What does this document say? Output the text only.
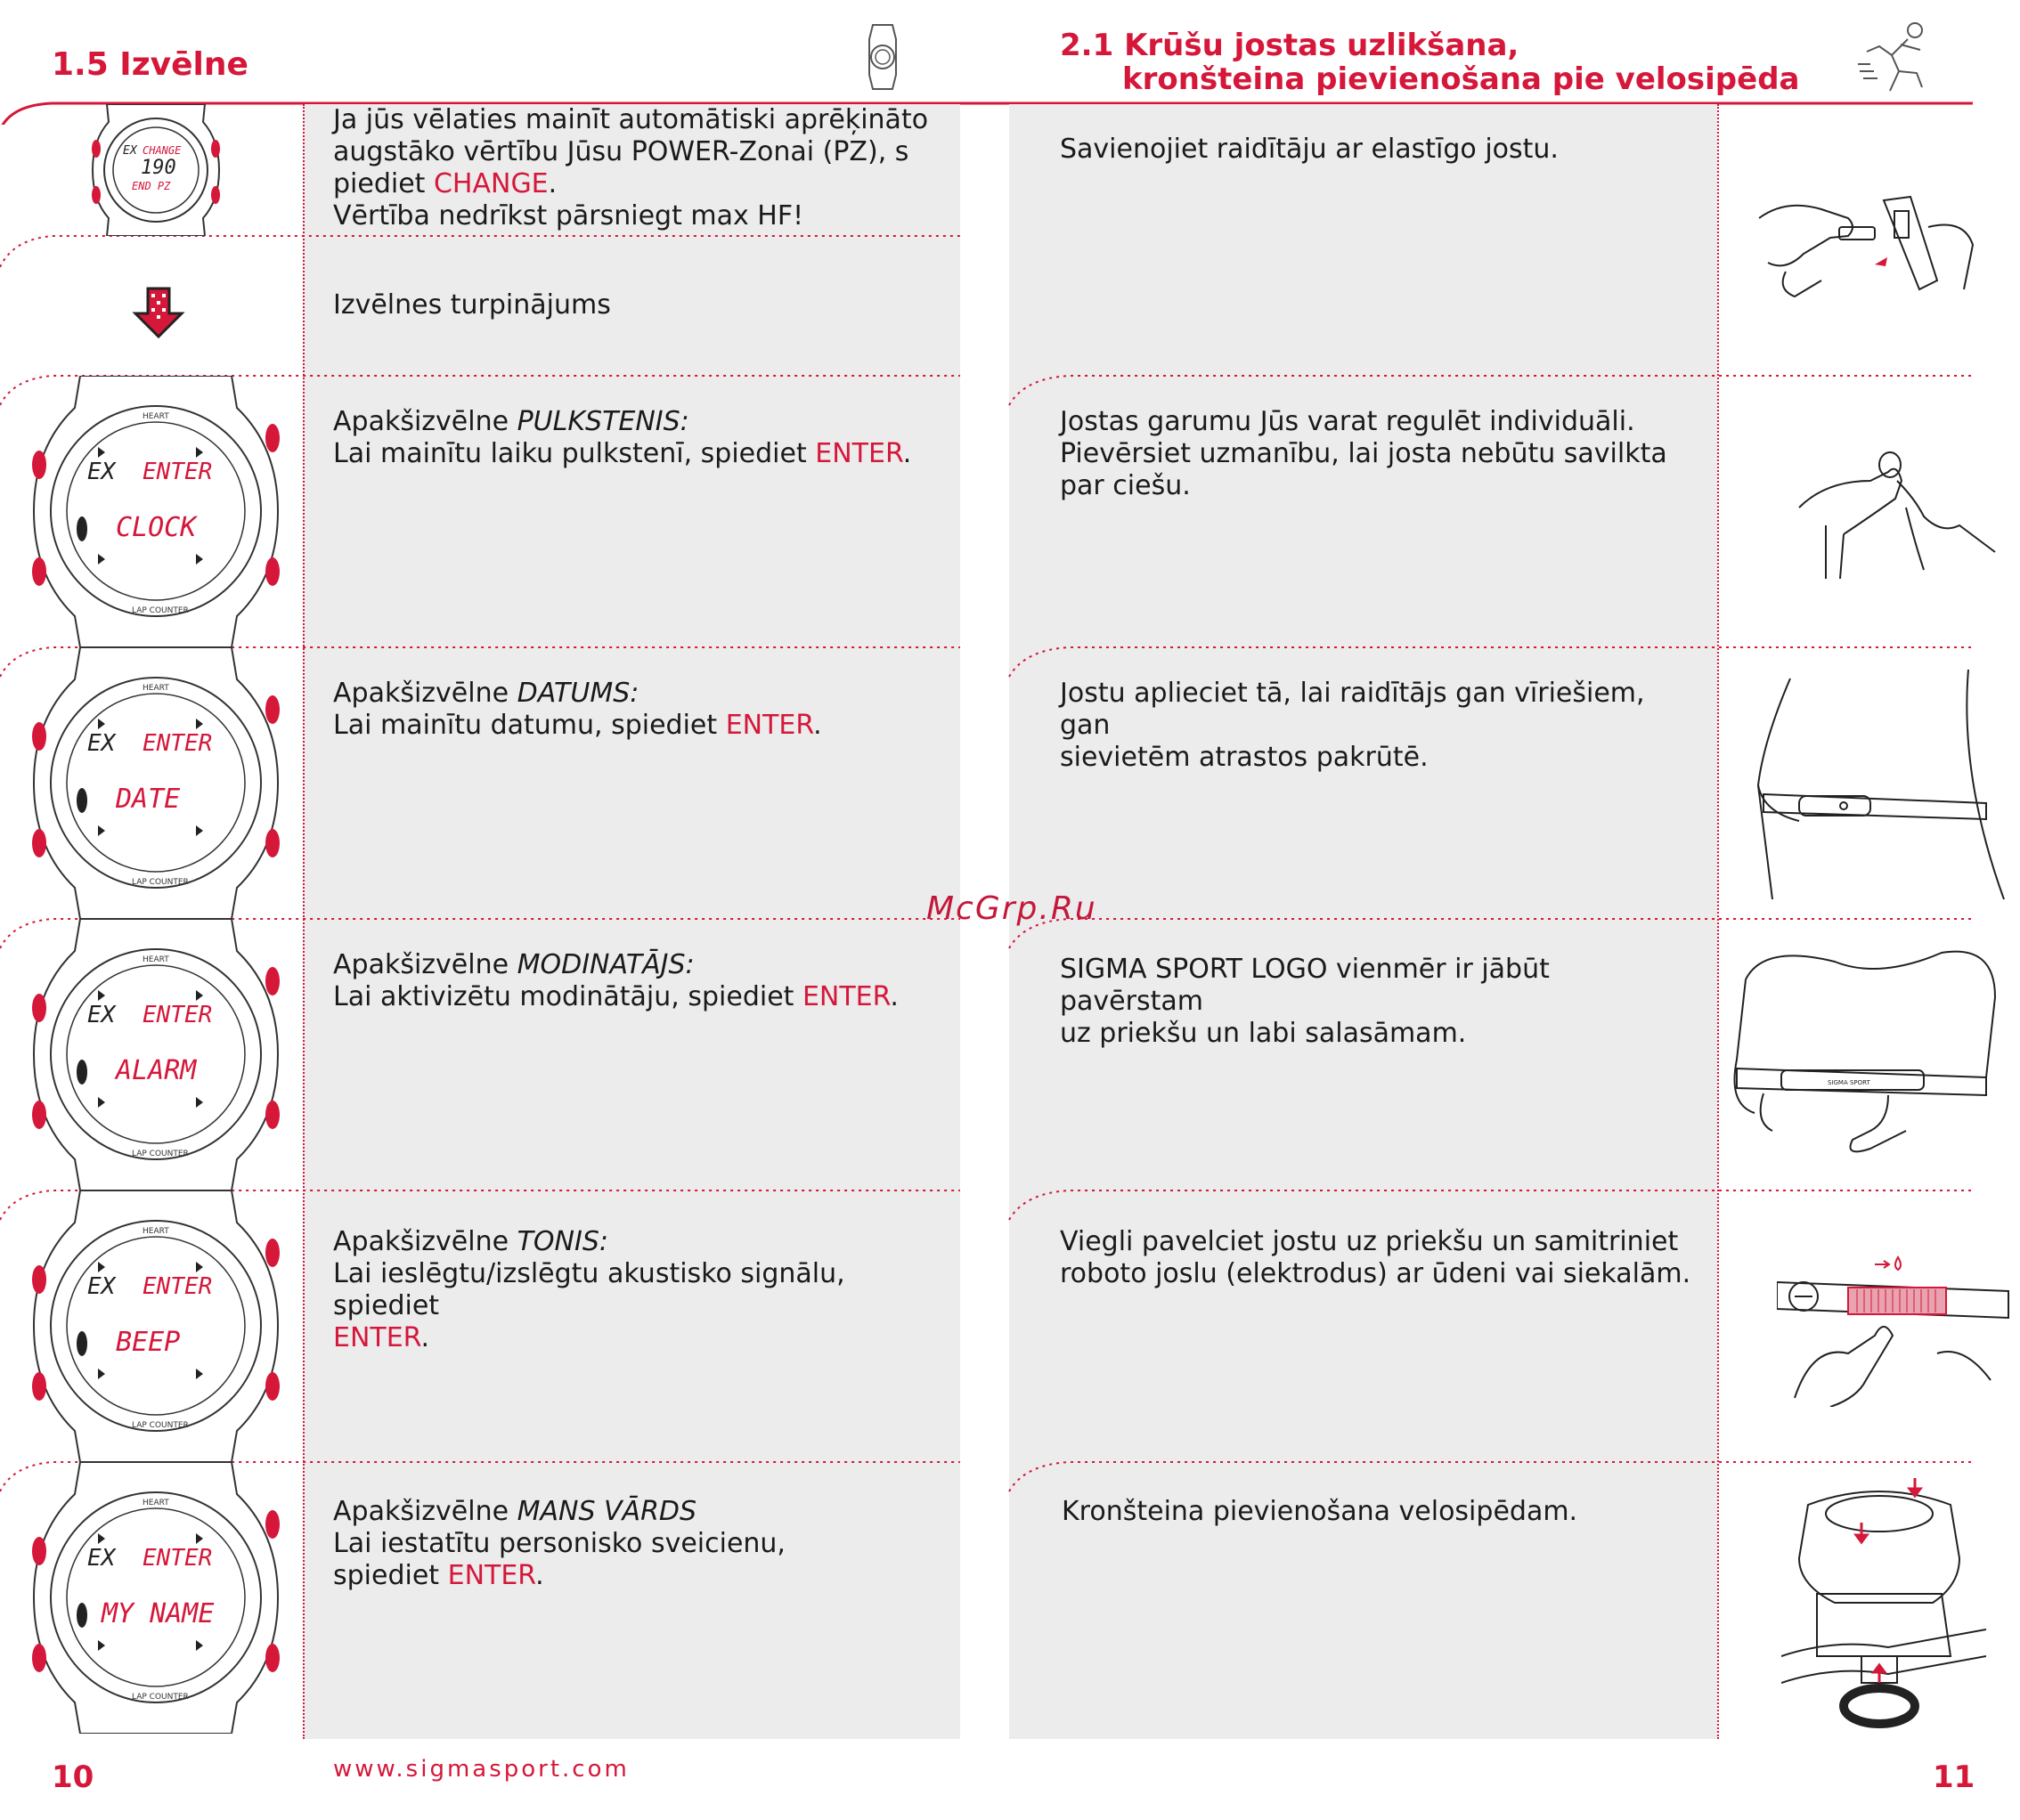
1.5 Izvēlne
EX CHANGE
190
END PZ

Ja jūs vēlaties mainīt automātiski aprēķināto

augstāko vērtību Jūsu POWER-Zonai (PZ), s

piediet CHANGE.

Vērtība nedrīkst pārsniegt max HF!

Izvēlnes turpinājums
HEART
LAP COUNTER
EX ENTER
CLOCK

Apakšizvēlne PULKSTENIS:

Lai mainītu laiku pulkstenī, spiediet ENTER.

HEART
LAP COUNTER
EX ENTER
DATE

Apakšizvēlne DATUMS:

Lai mainītu datumu, spiediet ENTER.

HEART
LAP COUNTER
EX ENTER
ALARM

Apakšizvēlne MODINATĀJS:

Lai aktivizētu modinātāju, spiediet ENTER.

HEART
LAP COUNTER
EX ENTER
BEEP

Apakšizvēlne TONIS:

Lai ieslēgtu/izslēgtu akustisko signālu, spiediet

ENTER.

HEART
LAP COUNTER
EX ENTER
MY NAME

Apakšizvēlne MANS VĀRDS

Lai iestatītu personisko sveicienu,

spiediet ENTER.

10	www.sigmasport.com
2.1 Krūšu jostas uzlikšana,
kronšteina pievienošana pie velosipēda

Savienojiet raidītāju ar elastīgo jostu.

Jostas garumu Jūs varat regulēt individuāli.

Pievērsiet uzmanību, lai josta nebūtu savilkta

par ciešu.

Jostu aplieciet tā, lai raidītājs gan vīriešiem, gan

sievietēm atrastos pakrūtē.

SIGMA SPORT LOGO vienmēr ir jābūt pavērstam

uz priekšu un labi salasāmam.

Viegli pavelciet jostu uz priekšu un samitriniet

roboto joslu (elektrodus) ar ūdeni vai siekalām.

Kronšteina pievienošana velosipēdam.

SIGMA SPORT
11
McGrp.Ru
